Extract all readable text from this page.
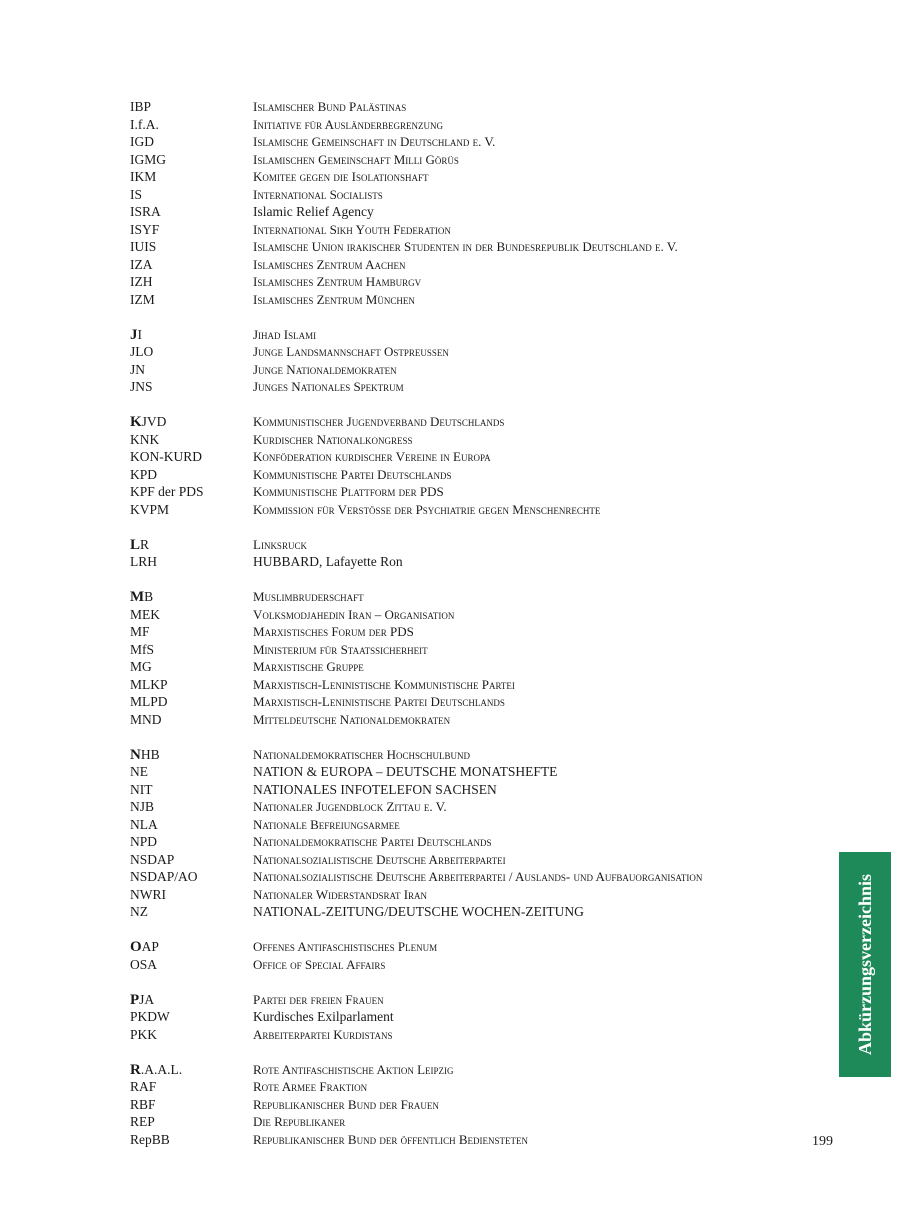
IBP	Islamischer Bund Palästinas
I.f.A.	Initiative für Ausländerbegrenzung
IGD	Islamische Gemeinschaft in Deutschland e. V.
IGMG	Islamischen Gemeinschaft Milli Görüs
IKM	Komitee gegen die Isolationshaft
IS	International Socialists
ISRA	Islamic Relief Agency
ISYF	International Sikh Youth Federation
IUIS	Islamische Union irakischer Studenten in der Bundesrepublik Deutschland e. V.
IZA	Islamisches Zentrum Aachen
IZH	Islamisches Zentrum Hamburgv
IZM	Islamisches Zentrum München
JI	Jihad Islami
JLO	Junge Landsmannschaft Ostpreußen
JN	Junge Nationaldemokraten
JNS	Junges Nationales Spektrum
KJVD	Kommunistischer Jugendverband Deutschlands
KNK	Kurdischer Nationalkongress
KON-KURD	Konföderation kurdischer Vereine in Europa
KPD	Kommunistische Partei Deutschlands
KPF der PDS	Kommunistische Plattform der PDS
KVPM	Kommission für Verstöße der Psychiatrie gegen Menschenrechte
LR	Linksruck
LRH	HUBBARD, Lafayette Ron
MB	Muslimbruderschaft
MEK	Volksmodjahedin Iran – Organisation
MF	Marxistisches Forum der PDS
MfS	Ministerium für Staatssicherheit
MG	Marxistische Gruppe
MLKP	Marxistisch-Leninistische Kommunistische Partei
MLPD	Marxistisch-Leninistische Partei Deutschlands
MND	Mitteldeutsche Nationaldemokraten
NHB	Nationaldemokratischer Hochschulbund
NE	NATION & EUROPA – DEUTSCHE MONATSHEFTE
NIT	NATIONALES INFOTELEFON SACHSEN
NJB	Nationaler Jugendblock Zittau e. V.
NLA	Nationale Befreiungsarmee
NPD	Nationaldemokratische Partei Deutschlands
NSDAP	Nationalsozialistische Deutsche Arbeiterpartei
NSDAP/AO	Nationalsozialistische Deutsche Arbeiterpartei / Auslands- und Aufbauorganisation
NWRI	Nationaler Widerstandsrat Iran
NZ	NATIONAL-ZEITUNG/DEUTSCHE WOCHEN-ZEITUNG
OAP	Offenes Antifaschistisches Plenum
OSA	Office of Special Affairs
PJA	Partei der freien Frauen
PKDW	Kurdisches Exilparlament
PKK	Arbeiterpartei Kurdistans
R.A.A.L.	Rote Antifaschistische Aktion Leipzig
RAF	Rote Armee Fraktion
RBF	Republikanischer Bund der Frauen
REP	Die Republikaner
RepBB	Republikanischer Bund der öffentlich Bediensteten
Abkürzungsverzeichnis
199
